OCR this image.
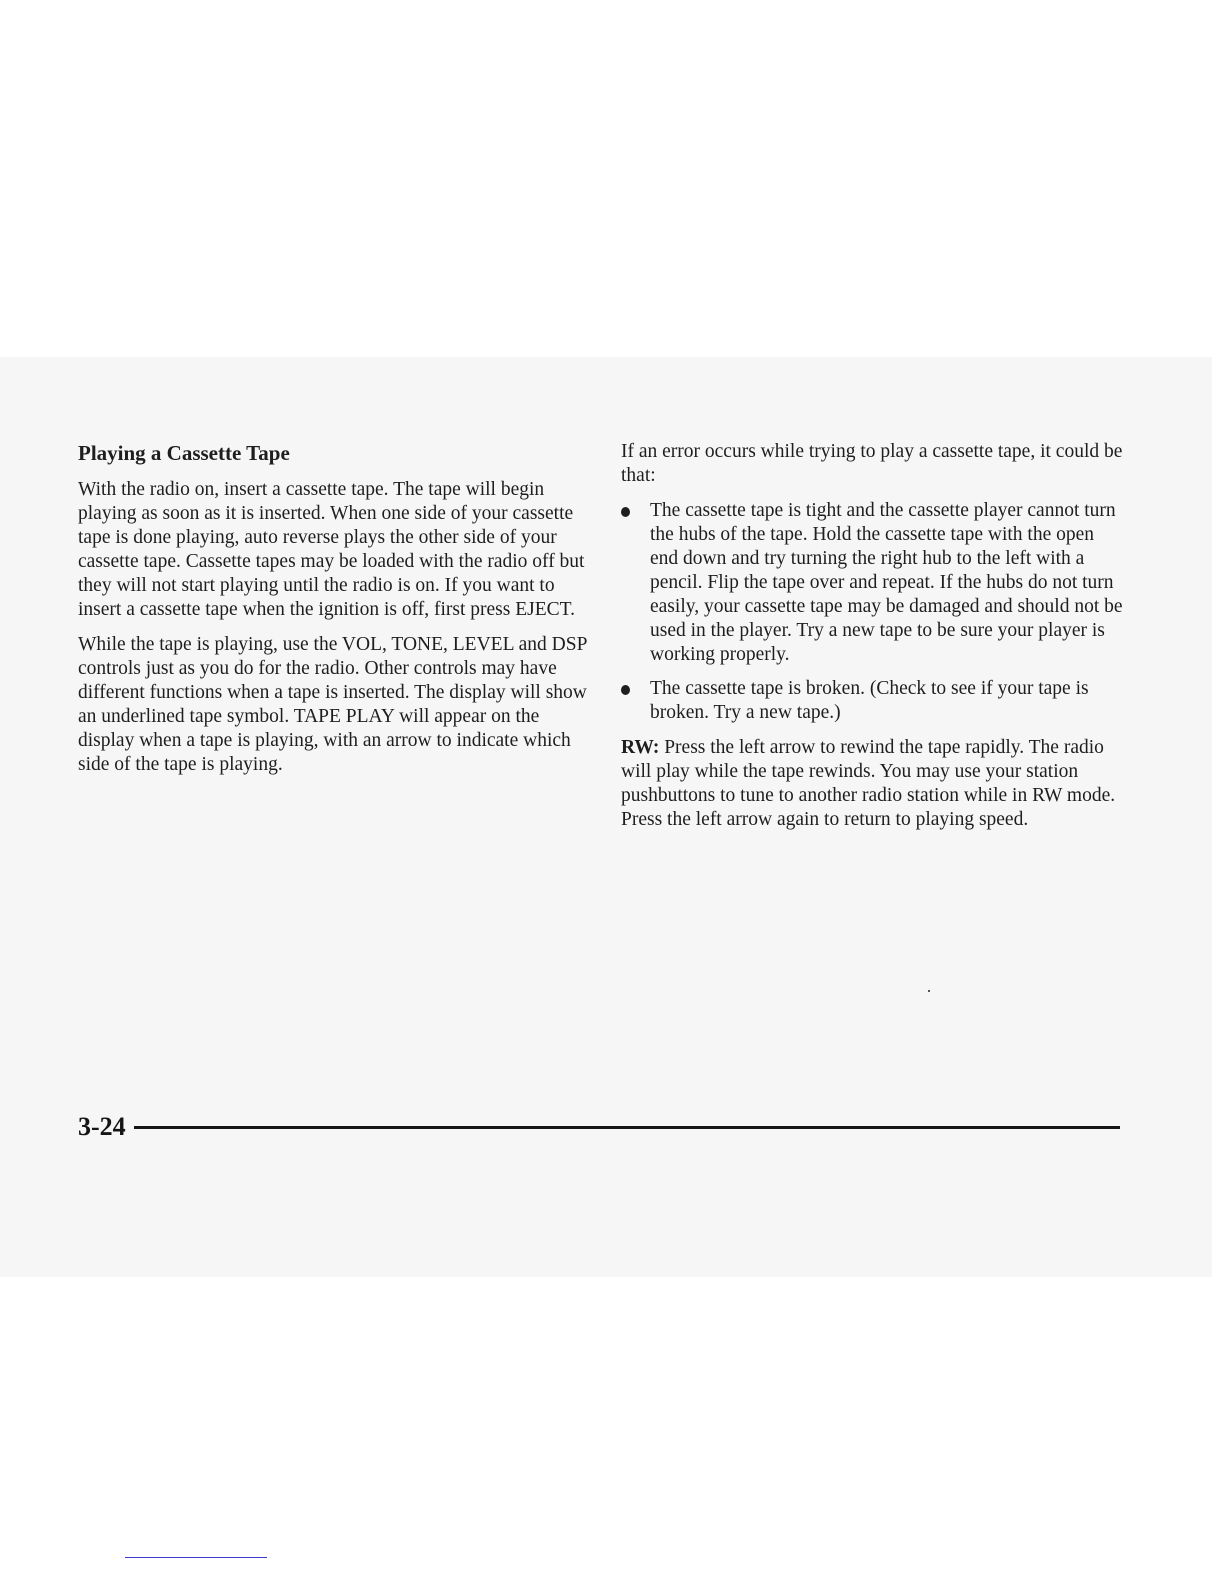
Playing a Cassette Tape

With the radio on, insert a cassette tape. The tape will begin playing as soon as it is inserted. When one side of your cassette tape is done playing, auto reverse plays the other side of your cassette tape. Cassette tapes may be loaded with the radio off but they will not start playing until the radio is on. If you want to insert a cassette tape when the ignition is off, first press EJECT.

While the tape is playing, use the VOL, TONE, LEVEL and DSP controls just as you do for the radio. Other controls may have different functions when a tape is inserted. The display will show an underlined tape symbol. TAPE PLAY will appear on the display when a tape is playing, with an arrow to indicate which side of the tape is playing.

If an error occurs while trying to play a cassette tape, it could be that:

The cassette tape is tight and the cassette player cannot turn the hubs of the tape. Hold the cassette tape with the open end down and try turning the right hub to the left with a pencil. Flip the tape over and repeat. If the hubs do not turn easily, your cassette tape may be damaged and should not be used in the player. Try a new tape to be sure your player is working properly.
The cassette tape is broken. (Check to see if your tape is broken. Try a new tape.)

RW: Press the left arrow to rewind the tape rapidly. The radio will play while the tape rewinds. You may use your station pushbuttons to tune to another radio station while in RW mode. Press the left arrow again to return to playing speed.

3-24
